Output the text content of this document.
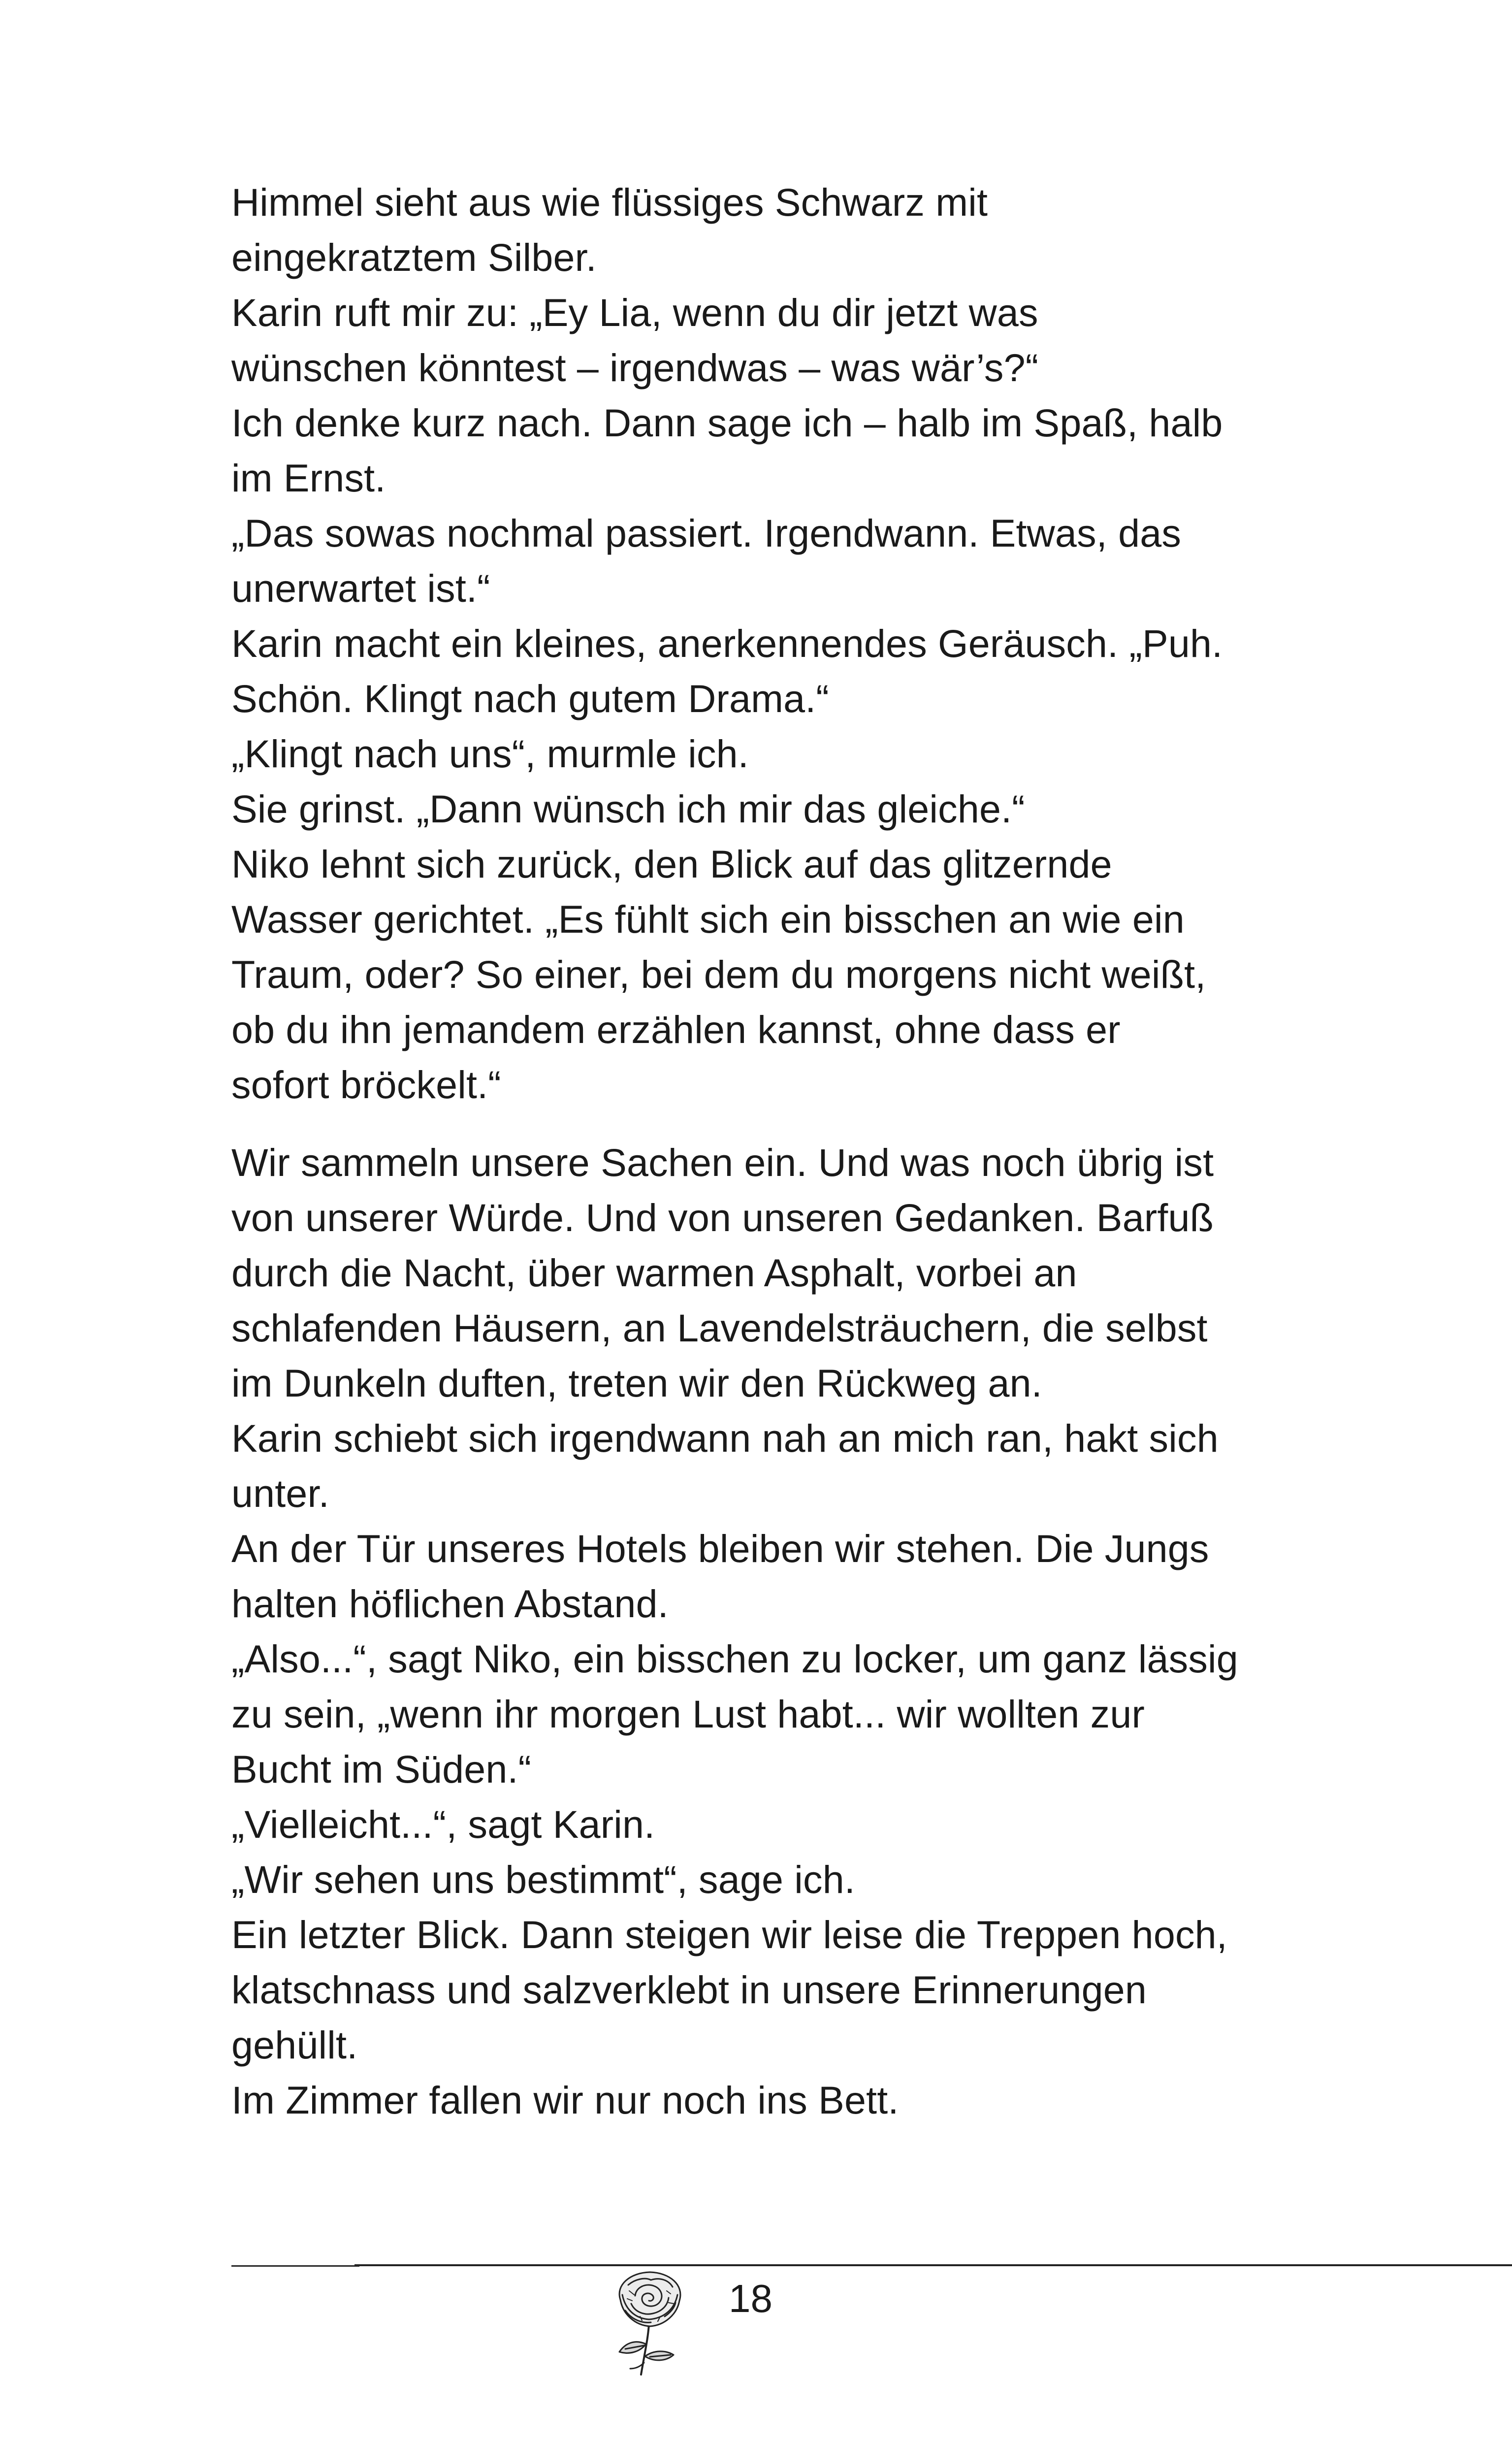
Himmel sieht aus wie flüssiges Schwarz mit
eingekratztem Silber.
Karin ruft mir zu: „Ey Lia, wenn du dir jetzt was
wünschen könntest – irgendwas – was wär’s?“
Ich denke kurz nach. Dann sage ich – halb im Spaß, halb
im Ernst.
„Das sowas nochmal passiert. Irgendwann. Etwas, das
unerwartet ist.“
Karin macht ein kleines, anerkennendes Geräusch. „Puh.
Schön. Klingt nach gutem Drama.“
„Klingt nach uns“, murmle ich.
Sie grinst. „Dann wünsch ich mir das gleiche.“
Niko lehnt sich zurück, den Blick auf das glitzernde
Wasser gerichtet. „Es fühlt sich ein bisschen an wie ein
Traum, oder? So einer, bei dem du morgens nicht weißt,
ob du ihn jemandem erzählen kannst, ohne dass er
sofort bröckelt.“
Wir sammeln unsere Sachen ein. Und was noch übrig ist
von unserer Würde. Und von unseren Gedanken. Barfuß
durch die Nacht, über warmen Asphalt, vorbei an
schlafenden Häusern, an Lavendelsträuchern, die selbst
im Dunkeln duften, treten wir den Rückweg an.
Karin schiebt sich irgendwann nah an mich ran, hakt sich
unter.
An der Tür unseres Hotels bleiben wir stehen. Die Jungs
halten höflichen Abstand.
„Also...“, sagt Niko, ein bisschen zu locker, um ganz lässig
zu sein, „wenn ihr morgen Lust habt... wir wollten zur
Bucht im Süden.“
„Vielleicht...“, sagt Karin.
„Wir sehen uns bestimmt“, sage ich.
Ein letzter Blick. Dann steigen wir leise die Treppen hoch,
klatschnass und salzverklebt in unsere Erinnerungen
gehüllt.
Im Zimmer fallen wir nur noch ins Bett.
18
